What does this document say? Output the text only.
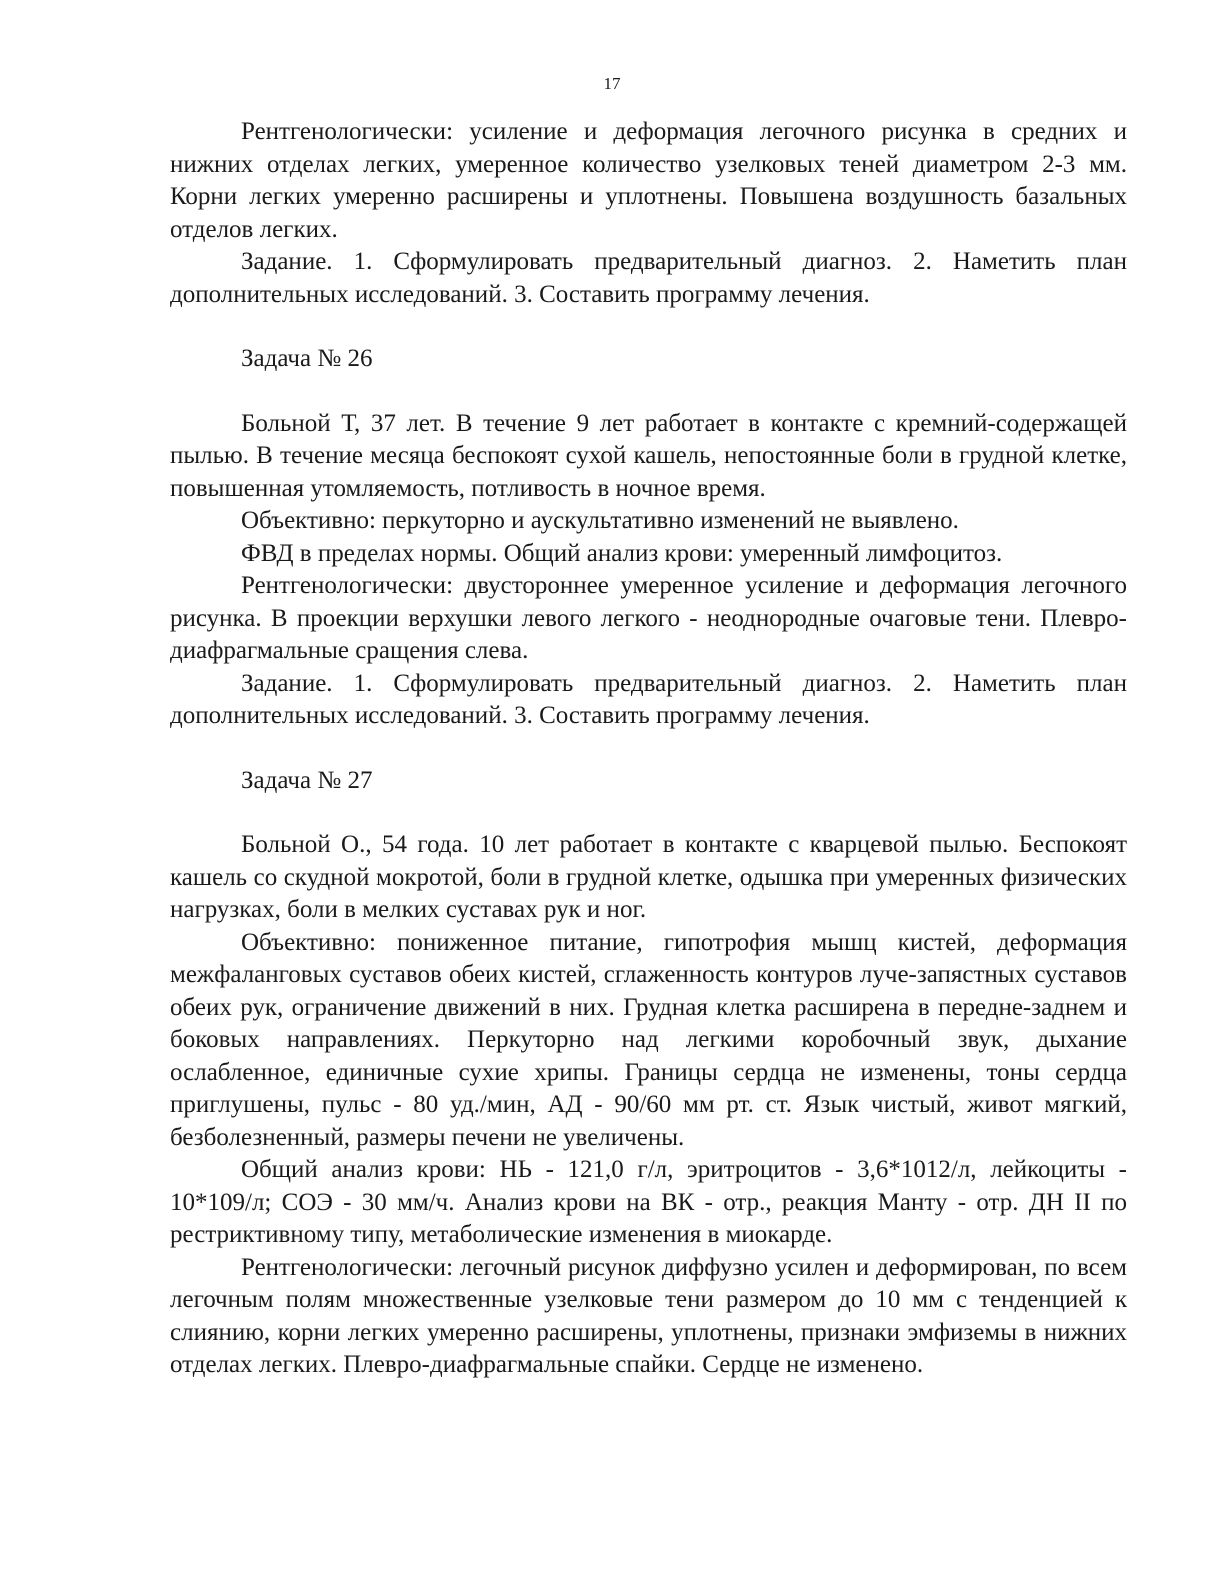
17

Рентгенологически: усиление и деформация легочного рисунка в средних и нижних отделах легких, умеренное количество узелковых теней диаметром 2-3 мм. Корни легких умеренно расширены и уплотнены. Повышена воздушность базальных отделов легких.

Задание. 1. Сформулировать предварительный диагноз. 2. Наметить план дополнительных исследований. 3. Составить программу лечения.

Задача № 26

Больной Т, 37 лет. В течение 9 лет работает в контакте с кремний-содержащей пылью. В течение месяца беспокоят сухой кашель, непостоянные боли в грудной клетке, повышенная утомляемость, потливость в ночное время.

Объективно: перкуторно и аускультативно изменений не выявлено.

ФВД в пределах нормы. Общий анализ крови: умеренный лимфоцитоз.

Рентгенологически: двустороннее умеренное усиление и деформация легочного рисунка. В проекции верхушки левого легкого - неоднородные очаговые тени. Плевро-диафрагмальные сращения слева.

Задание. 1. Сформулировать предварительный диагноз. 2. Наметить план дополнительных исследований. 3. Составить программу лечения.

Задача № 27

Больной О., 54 года. 10 лет работает в контакте с кварцевой пылью. Беспокоят кашель со скудной мокротой, боли в грудной клетке, одышка при умеренных физических нагрузках, боли в мелких суставах рук и ног.

Объективно: пониженное питание, гипотрофия мышц кистей, деформация межфаланговых суставов обеих кистей, сглаженность контуров луче-запястных суставов обеих рук, ограничение движений в них. Грудная клетка расширена в передне-заднем и боковых направлениях. Перкуторно над легкими коробочный звук, дыхание ослабленное, единичные сухие хрипы. Границы сердца не изменены, тоны сердца приглушены, пульс - 80 уд./мин, АД - 90/60 мм рт. ст. Язык чистый, живот мягкий, безболезненный, размеры печени не увеличены.

Общий анализ крови: НЬ - 121,0 г/л, эритроцитов - 3,6*1012/л, лейкоциты - 10*109/л; СОЭ - 30 мм/ч. Анализ крови на ВК - отр., реакция Манту - отр. ДН II по рестриктивному типу, метаболические изменения в миокарде.

Рентгенологически: легочный рисунок диффузно усилен и деформирован, по всем легочным полям множественные узелковые тени размером до 10 мм с тенденцией к слиянию, корни легких умеренно расширены, уплотнены, признаки эмфиземы в нижних отделах легких. Плевро-диафрагмальные спайки. Сердце не изменено.
